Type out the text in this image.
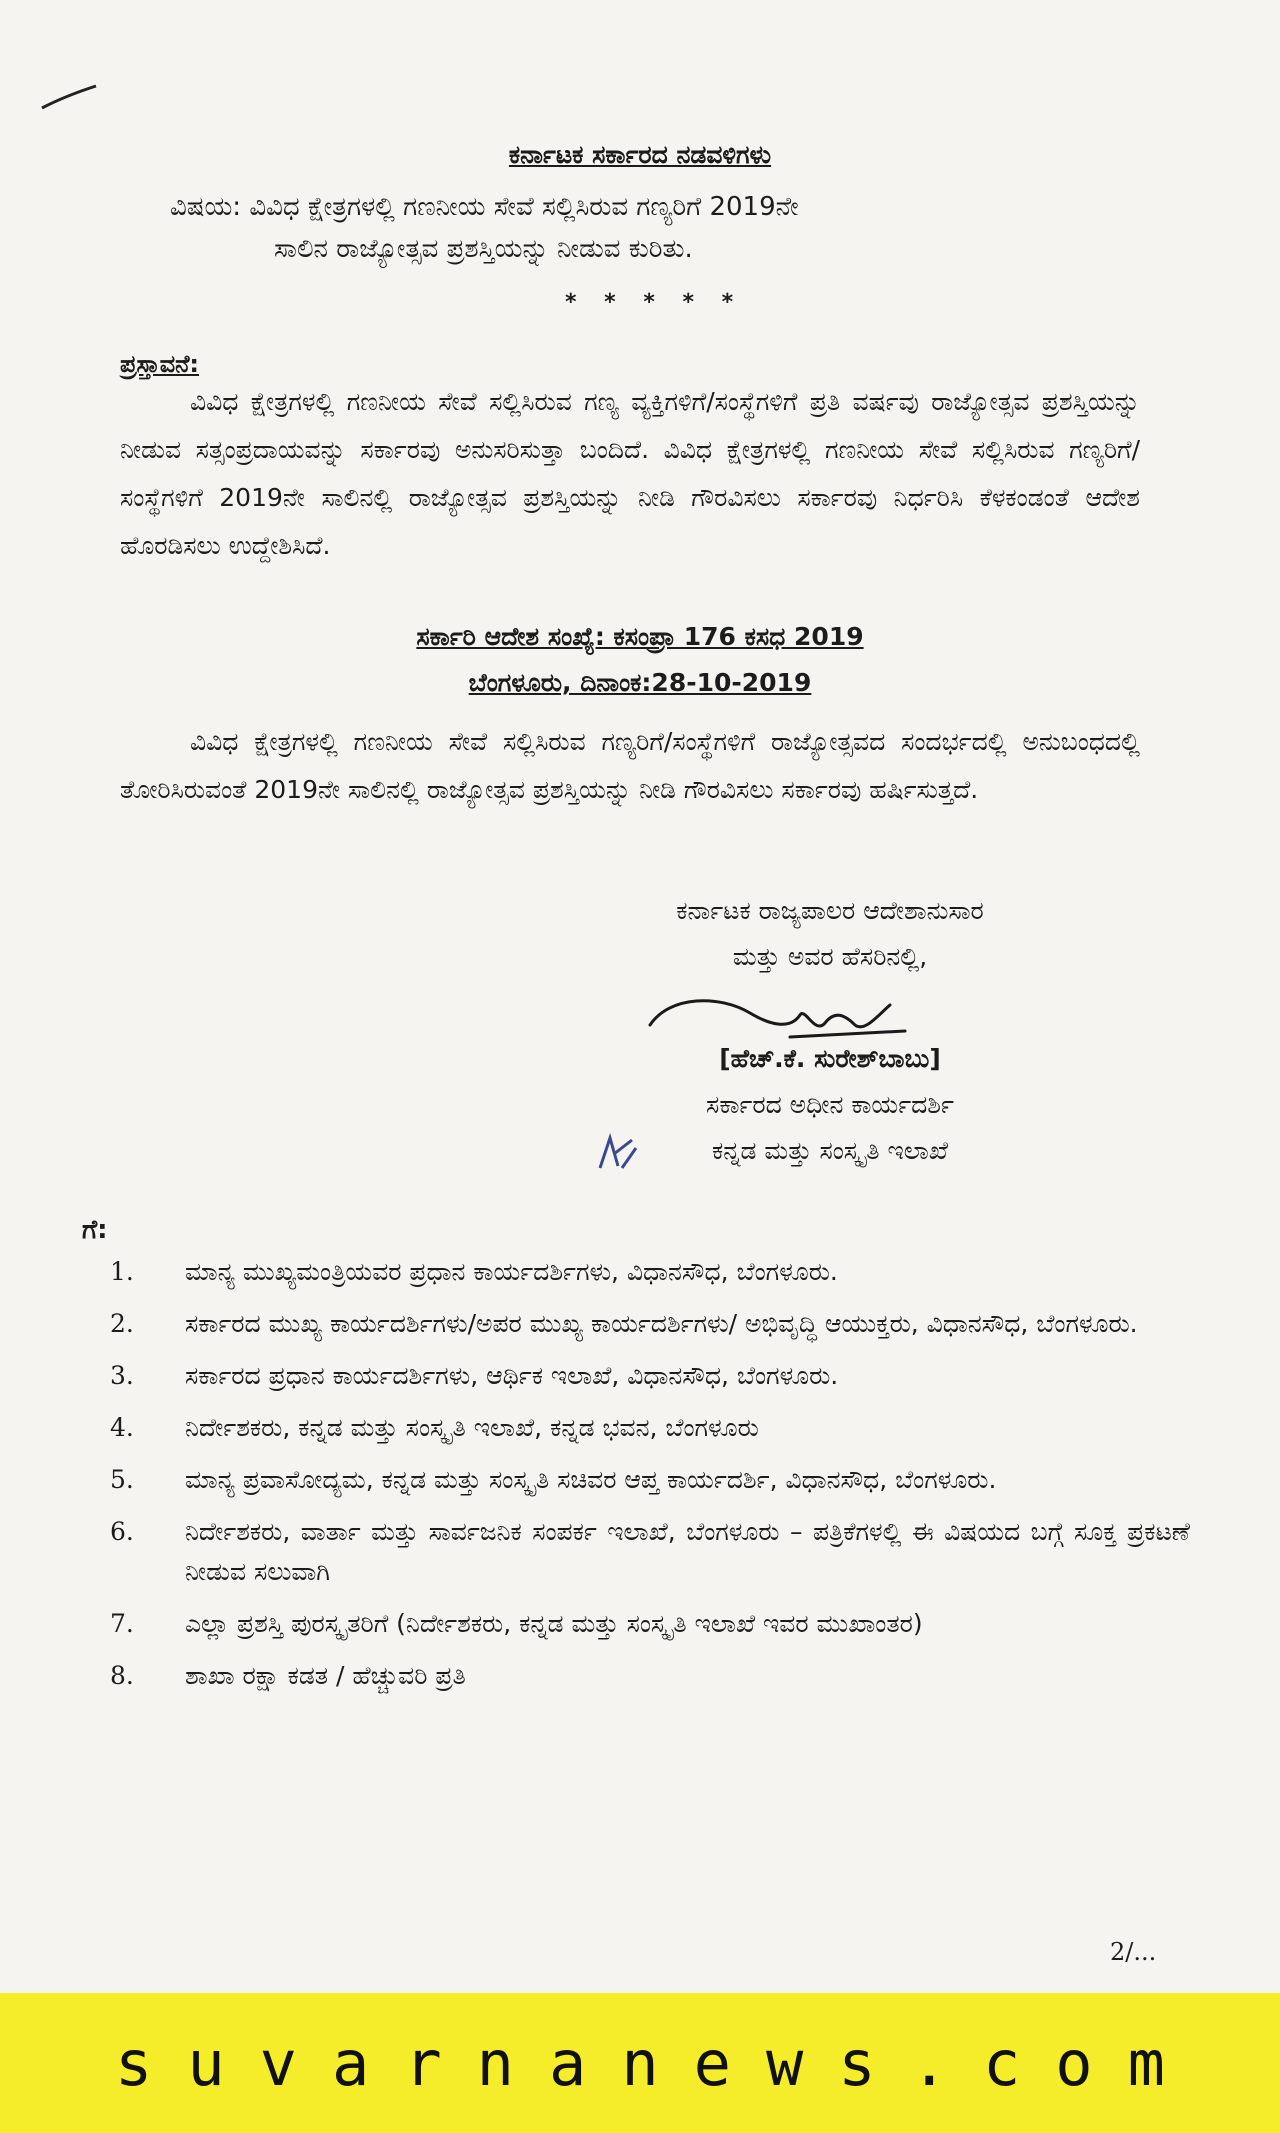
ಕರ್ನಾಟಕ ಸರ್ಕಾರದ ನಡವಳಿಗಳು
ವಿಷಯ: ವಿವಿಧ ಕ್ಷೇತ್ರಗಳಲ್ಲಿ ಗಣನೀಯ ಸೇವೆ ಸಲ್ಲಿಸಿರುವ ಗಣ್ಯರಿಗೆ 2019ನೇ
ಸಾಲಿನ ರಾಜ್ಯೋತ್ಸವ ಪ್ರಶಸ್ತಿಯನ್ನು ನೀಡುವ ಕುರಿತು.
* * * * *
ಪ್ರಸ್ತಾವನೆ:
ವಿವಿಧ ಕ್ಷೇತ್ರಗಳಲ್ಲಿ ಗಣನೀಯ ಸೇವೆ ಸಲ್ಲಿಸಿರುವ ಗಣ್ಯ ವ್ಯಕ್ತಿಗಳಿಗೆ/ಸಂಸ್ಥೆಗಳಿಗೆ ಪ್ರತಿ ವರ್ಷವು ರಾಜ್ಯೋತ್ಸವ ಪ್ರಶಸ್ತಿಯನ್ನು ನೀಡುವ ಸತ್ಸಂಪ್ರದಾಯವನ್ನು ಸರ್ಕಾರವು ಅನುಸರಿಸುತ್ತಾ ಬಂದಿದೆ. ವಿವಿಧ ಕ್ಷೇತ್ರಗಳಲ್ಲಿ ಗಣನೀಯ ಸೇವೆ ಸಲ್ಲಿಸಿರುವ ಗಣ್ಯರಿಗೆ/ಸಂಸ್ಥೆಗಳಿಗೆ 2019ನೇ ಸಾಲಿನಲ್ಲಿ ರಾಜ್ಯೋತ್ಸವ ಪ್ರಶಸ್ತಿಯನ್ನು ನೀಡಿ ಗೌರವಿಸಲು ಸರ್ಕಾರವು ನಿರ್ಧರಿಸಿ ಕೆಳಕಂಡಂತೆ ಆದೇಶ ಹೊರಡಿಸಲು ಉದ್ದೇಶಿಸಿದೆ.
ಸರ್ಕಾರಿ ಆದೇಶ ಸಂಖ್ಯೆ: ಕಸಂಪ್ರಾ 176 ಕಸಧ 2019
ಬೆಂಗಳೂರು, ದಿನಾಂಕ:28-10-2019
ವಿವಿಧ ಕ್ಷೇತ್ರಗಳಲ್ಲಿ ಗಣನೀಯ ಸೇವೆ ಸಲ್ಲಿಸಿರುವ ಗಣ್ಯರಿಗೆ/ಸಂಸ್ಥೆಗಳಿಗೆ ರಾಜ್ಯೋತ್ಸವದ ಸಂದರ್ಭದಲ್ಲಿ ಅನುಬಂಧದಲ್ಲಿ ತೋರಿಸಿರುವಂತೆ 2019ನೇ ಸಾಲಿನಲ್ಲಿ ರಾಜ್ಯೋತ್ಸವ ಪ್ರಶಸ್ತಿಯನ್ನು ನೀಡಿ ಗೌರವಿಸಲು ಸರ್ಕಾರವು ಹರ್ಷಿಸುತ್ತದೆ.
ಕರ್ನಾಟಕ ರಾಜ್ಯಪಾಲರ ಆದೇಶಾನುಸಾರ
ಮತ್ತು ಅವರ ಹೆಸರಿನಲ್ಲಿ,
[ಹೆಚ್.ಕೆ. ಸುರೇಶ್‌ಬಾಬು]
ಸರ್ಕಾರದ ಅಧೀನ ಕಾರ್ಯದರ್ಶಿ
ಕನ್ನಡ ಮತ್ತು ಸಂಸ್ಕೃತಿ ಇಲಾಖೆ
ಗೆ:
1.	ಮಾನ್ಯ ಮುಖ್ಯಮಂತ್ರಿಯವರ ಪ್ರಧಾನ ಕಾರ್ಯದರ್ಶಿಗಳು, ವಿಧಾನಸೌಧ, ಬೆಂಗಳೂರು.
2.	ಸರ್ಕಾರದ ಮುಖ್ಯ ಕಾರ್ಯದರ್ಶಿಗಳು/ಅಪರ ಮುಖ್ಯ ಕಾರ್ಯದರ್ಶಿಗಳು/ ಅಭಿವೃದ್ಧಿ ಆಯುಕ್ತರು, ವಿಧಾನಸೌಧ, ಬೆಂಗಳೂರು.
3.	ಸರ್ಕಾರದ ಪ್ರಧಾನ ಕಾರ್ಯದರ್ಶಿಗಳು, ಆರ್ಥಿಕ ಇಲಾಖೆ, ವಿಧಾನಸೌಧ, ಬೆಂಗಳೂರು.
4.	ನಿರ್ದೇಶಕರು, ಕನ್ನಡ ಮತ್ತು ಸಂಸ್ಕೃತಿ ಇಲಾಖೆ, ಕನ್ನಡ ಭವನ, ಬೆಂಗಳೂರು
5.	ಮಾನ್ಯ ಪ್ರವಾಸೋದ್ಯಮ, ಕನ್ನಡ ಮತ್ತು ಸಂಸ್ಕೃತಿ ಸಚಿವರ ಆಪ್ತ ಕಾರ್ಯದರ್ಶಿ, ವಿಧಾನಸೌಧ, ಬೆಂಗಳೂರು.
6.	ನಿರ್ದೇಶಕರು, ವಾರ್ತಾ ಮತ್ತು ಸಾರ್ವಜನಿಕ ಸಂಪರ್ಕ ಇಲಾಖೆ, ಬೆಂಗಳೂರು – ಪತ್ರಿಕೆಗಳಲ್ಲಿ ಈ ವಿಷಯದ ಬಗ್ಗೆ ಸೂಕ್ತ ಪ್ರಕಟಣೆ ನೀಡುವ ಸಲುವಾಗಿ
7.	ಎಲ್ಲಾ ಪ್ರಶಸ್ತಿ ಪುರಸ್ಕೃತರಿಗೆ (ನಿರ್ದೇಶಕರು, ಕನ್ನಡ ಮತ್ತು ಸಂಸ್ಕೃತಿ ಇಲಾಖೆ ಇವರ ಮುಖಾಂತರ)
8.	ಶಾಖಾ ರಕ್ಷಾ ಕಡತ / ಹೆಚ್ಚುವರಿ ಪ್ರತಿ
2/...
suvarnanews.com
